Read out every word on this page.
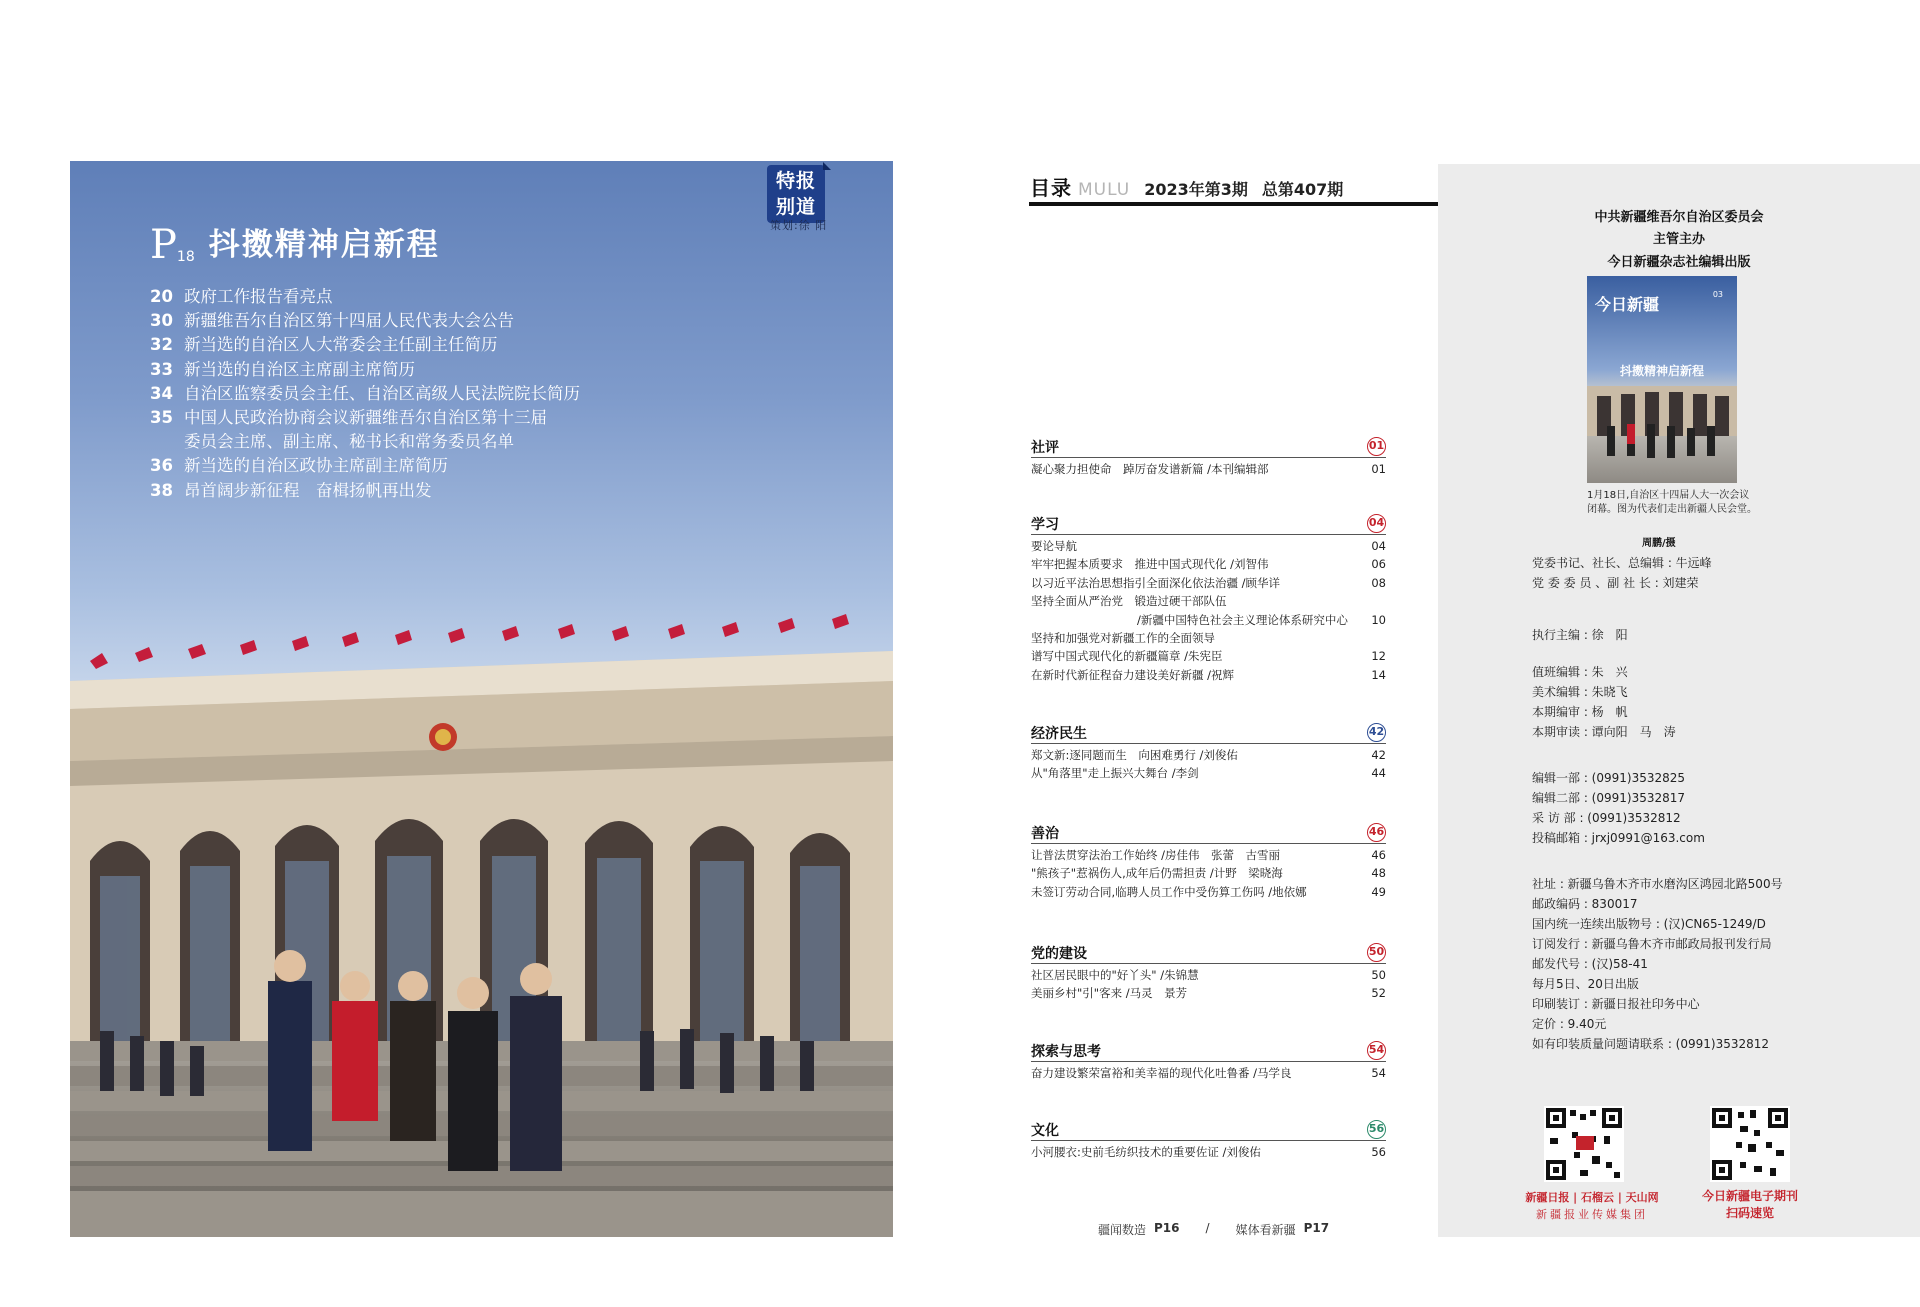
特报
别道
策划:徐 阳
P 18 抖擞精神启新程
20 政府工作报告看亮点
30 新疆维吾尔自治区第十四届人民代表大会公告
32 新当选的自治区人大常委会主任副主任简历
33 新当选的自治区主席副主席简历
34 自治区监察委员会主任、自治区高级人民法院院长简历
35 中国人民政治协商会议新疆维吾尔自治区第十三届
委员会主席、副主席、秘书长和常务委员名单
36 新当选的自治区政协主席副主席简历
38 昂首阔步新征程　奋楫扬帆再出发
目录 MULU 2023年第3期 总第407期
社评	01
凝心聚力担使命　踔厉奋发谱新篇 /本刊编辑部	01
学习	04
要论导航	04
牢牢把握本质要求　推进中国式现代化 /刘智伟	06
以习近平法治思想指引全面深化依法治疆 /顾华详	08
坚持全面从严治党　锻造过硬干部队伍
/新疆中国特色社会主义理论体系研究中心	10
坚持和加强党对新疆工作的全面领导
谱写中国式现代化的新疆篇章 /朱宪臣	12
在新时代新征程奋力建设美好新疆 /祝辉	14
经济民生	42
郑文新:逐同题而生　向困难勇行 /刘俊佑	42
从"角落里"走上振兴大舞台 /李剑	44
善治	46
让普法贯穿法治工作始终 /房佳伟　张蕾　古雪丽	46
"熊孩子"惹祸伤人,成年后仍需担责 /计野　梁晓海	48
未签订劳动合同,临聘人员工作中受伤算工伤吗 /地依娜	49
党的建设	50
社区居民眼中的"好丫头" /朱锦慧	50
美丽乡村"引"客来 /马灵　景芳	52
探索与思考	54
奋力建设繁荣富裕和美幸福的现代化吐鲁番 /马学良	54
文化	56
小河腰衣:史前毛纺织技术的重要佐证 /刘俊佑	56
疆闻数造 P16 / 媒体看新疆 P17
中共新疆维吾尔自治区委员会
主管主办
今日新疆杂志社编辑出版
今日新疆
03
抖擞精神启新程
1月18日,自治区十四届人大一次会议闭幕。图为代表们走出新疆人民会堂。
周鹏/摄
党委书记、社长、总编辑 : 牛远峰
党 委 委 员 、副 社 长 : 刘建荣
执行主编 : 徐　阳
值班编辑 : 朱　兴
美术编辑 : 朱晓飞
本期编审 : 杨　帆
本期审读 : 谭向阳　马　涛
编辑一部 : (0991)3532825
编辑二部 : (0991)3532817
采 访 部 : (0991)3532812
投稿邮箱 : jrxj0991@163.com
社址 : 新疆乌鲁木齐市水磨沟区鸿园北路500号
邮政编码 : 830017
国内统一连续出版物号 : (汉)CN65-1249/D
订阅发行 : 新疆乌鲁木齐市邮政局报刊发行局
邮发代号 : (汉)58-41
每月5日、20日出版
印刷装订 : 新疆日报社印务中心
定价 : 9.40元
如有印装质量问题请联系 : (0991)3532812
新疆日报 | 石榴云 | 天山网
新疆报业传媒集团
今日新疆电子期刊
扫码速览
